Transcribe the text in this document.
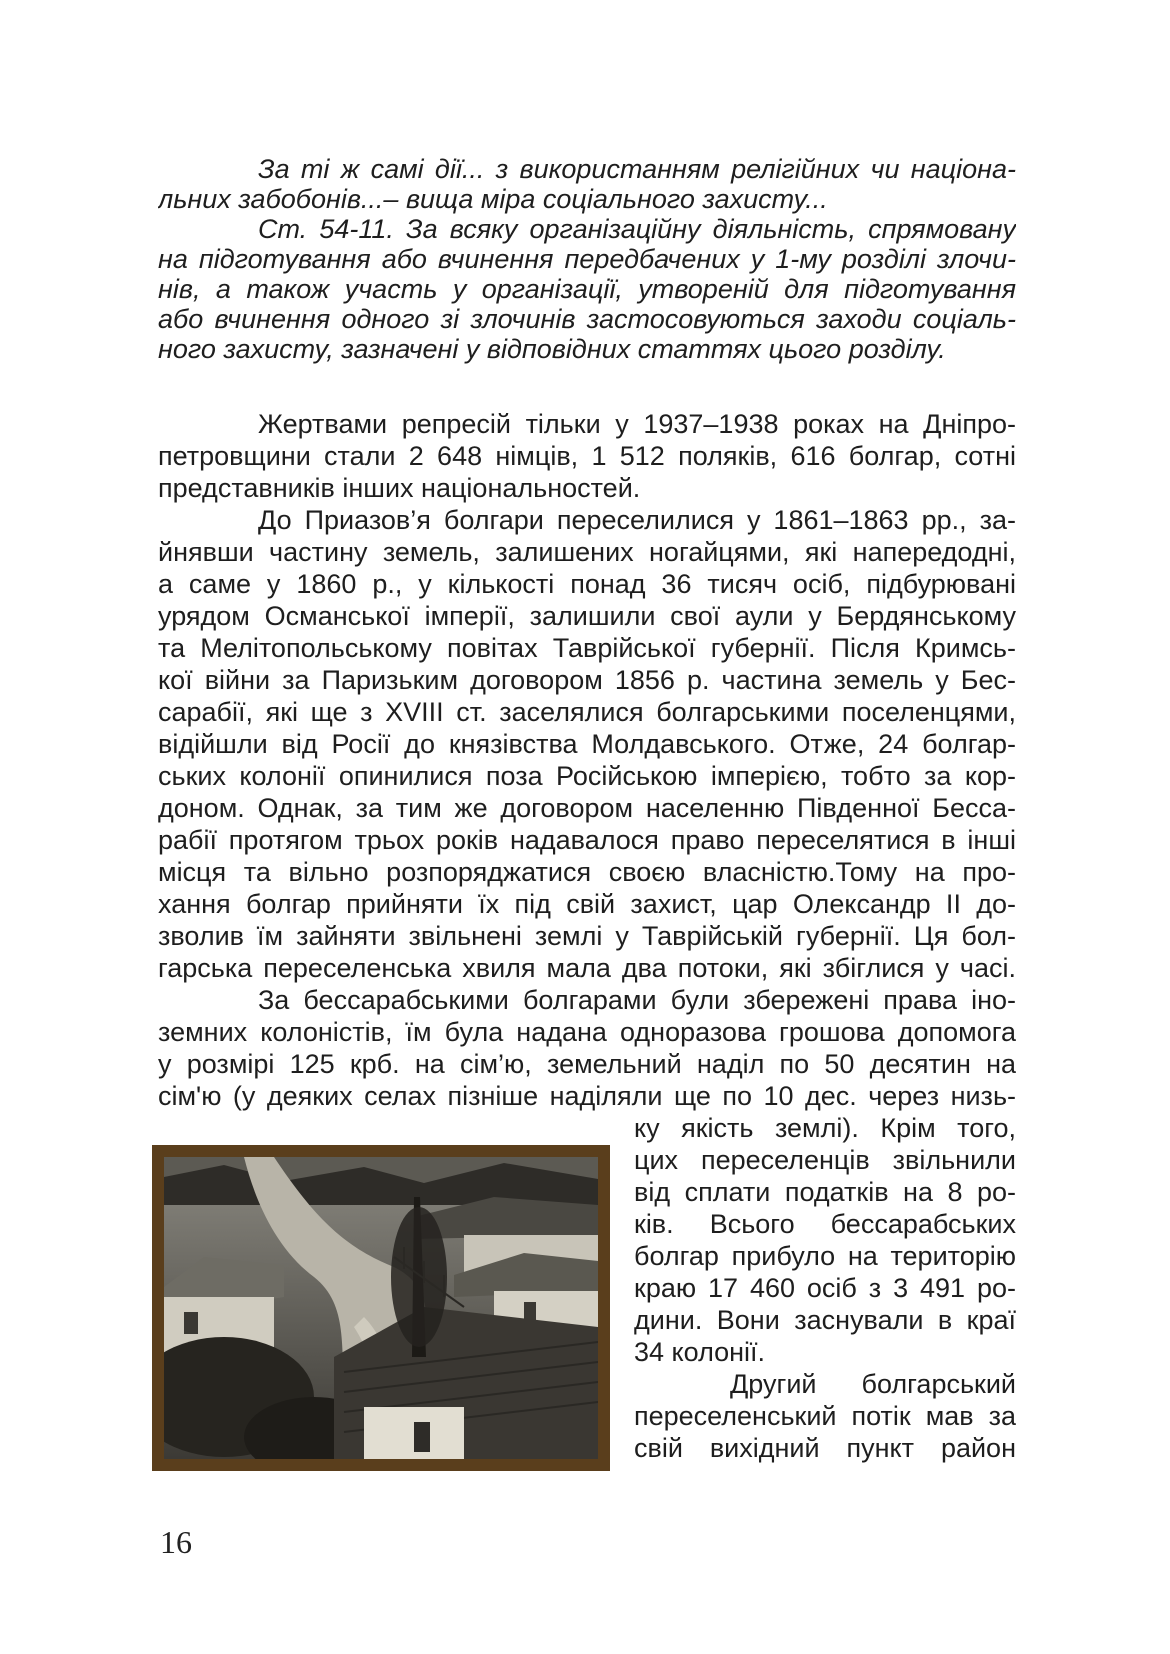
За ті ж самі дії... з використанням релігійних чи націона-
льних забобонів...– вища міра соціального захисту...
Ст. 54-11. За всяку організаційну діяльність, спрямовану
на підготування або вчинення передбачених у 1-му розділі злочи-
нів, а також участь у організації, утвореній для підготування
або вчинення одного зі злочинів застосовуються заходи соціаль-
ного захисту, зазначені у відповідних статтях цього розділу.
Жертвами репресій тільки у 1937–1938 роках на Дніпро-
петровщини стали 2 648 німців, 1 512 поляків, 616 болгар, сотні
представників інших національностей.
До Приазов’я болгари переселилися у 1861–1863 рр., за-
йнявши частину земель, залишених ногайцями, які напередодні,
а саме у 1860 р., у кількості понад 36 тисяч осіб, підбурювані
урядом Османської імперії, залишили свої аули у Бердянському
та Мелітопольському повітах Таврійської губернії. Після Кримсь-
кої війни за Паризьким договором 1856 р. частина земель у Бес-
сарабії, які ще з XVIII ст. заселялися болгарськими поселенцями,
відійшли від Росії до князівства Молдавського. Отже, 24 болгар-
ських колонії опинилися поза Російською імперією, тобто за кор-
доном. Однак, за тим же договором населенню Південної Бесса-
рабії протягом трьох років надавалося право переселятися в інші
місця та вільно розпоряджатися своєю власністю.Тому на про-
хання болгар прийняти їх під свій захист, цар Олександр ІІ до-
зволив їм зайняти звільнені землі у Таврійській губернії. Ця бол-
гарська переселенська хвиля мала два потоки, які збіглися у часі.
За бессарабськими болгарами були збережені права іно-
земних колоністів, їм була надана одноразова грошова допомога
у розмірі 125 крб. на сім’ю, земельний наділ по 50 десятин на
сім'ю (у деяких селах пізніше наділяли ще по 10 дес. через низь-
ку якість землі). Крім того,
цих переселенців звільнили
від сплати податків на 8 ро-
ків. Всього бессарабських
болгар прибуло на територію
краю 17 460 осіб з 3 491 ро-
дини. Вони заснували в краї
34 колонії.
Другий болгарський
переселенський потік мав за
свій вихідний пункт район
16
